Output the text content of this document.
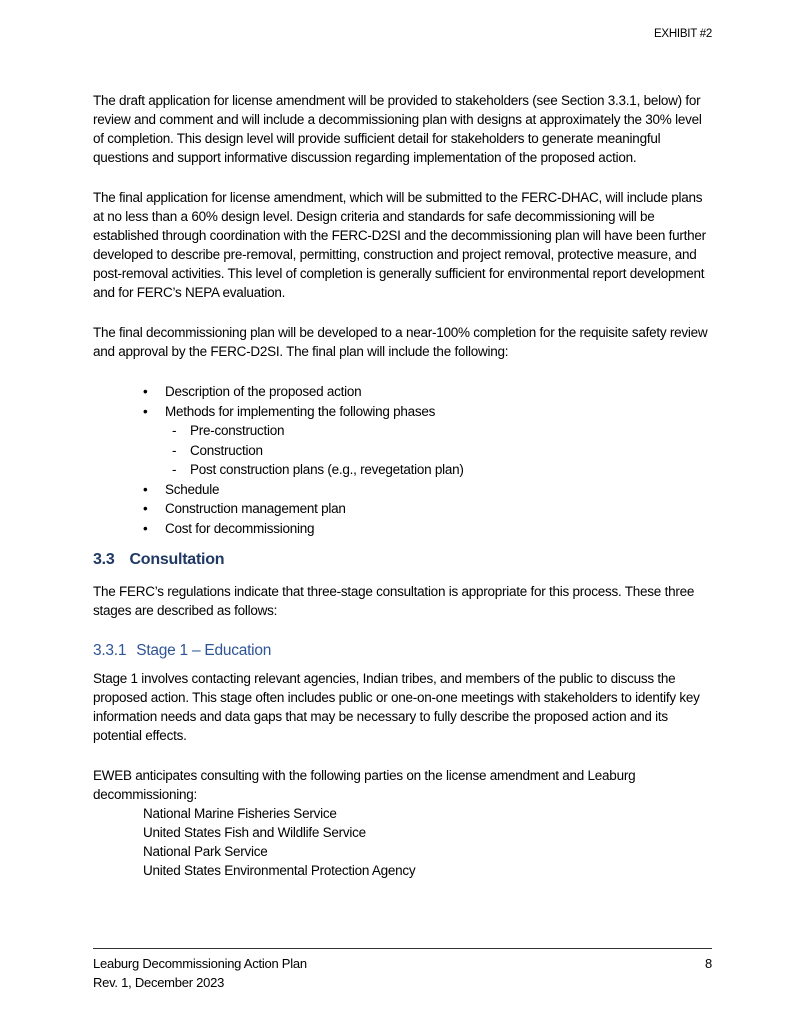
EXHIBIT #2

The draft application for license amendment will be provided to stakeholders (see Section 3.3.1, below) for review and comment and will include a decommissioning plan with designs at approximately the 30% level of completion. This design level will provide sufficient detail for stakeholders to generate meaningful questions and support informative discussion regarding implementation of the proposed action.

The final application for license amendment, which will be submitted to the FERC-DHAC, will include plans at no less than a 60% design level. Design criteria and standards for safe decommissioning will be established through coordination with the FERC-D2SI and the decommissioning plan will have been further developed to describe pre-removal, permitting, construction and project removal, protective measure, and post-removal activities. This level of completion is generally sufficient for environmental report development and for FERC’s NEPA evaluation.

The final decommissioning plan will be developed to a near-100% completion for the requisite safety review and approval by the FERC-D2SI. The final plan will include the following:

• Description of the proposed action
• Methods for implementing the following phases
- Pre-construction
- Construction
- Post construction plans (e.g., revegetation plan)
• Schedule
• Construction management plan
• Cost for decommissioning
3.3 Consultation

The FERC’s regulations indicate that three-stage consultation is appropriate for this process. These three stages are described as follows:

3.3.1 Stage 1 – Education

Stage 1 involves contacting relevant agencies, Indian tribes, and members of the public to discuss the proposed action. This stage often includes public or one-on-one meetings with stakeholders to identify key information needs and data gaps that may be necessary to fully describe the proposed action and its potential effects.

EWEB anticipates consulting with the following parties on the license amendment and Leaburg decommissioning:

National Marine Fisheries Service
United States Fish and Wildlife Service
National Park Service
United States Environmental Protection Agency
Leaburg Decommissioning Action Plan	8
Rev. 1, December 2023
